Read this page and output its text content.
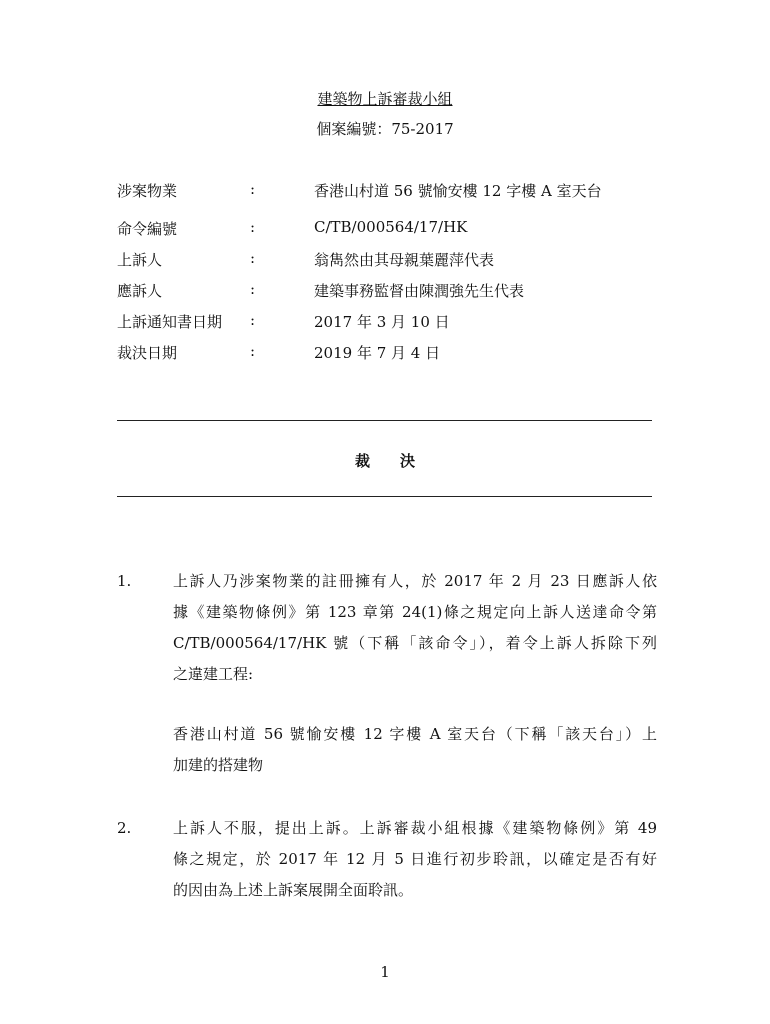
建築物上訴審裁小組
個案編號：75-2017
涉案物業	:	香港山村道 56 號愉安樓 12 字樓 A 室天台
命令編號	:	C/TB/000564/17/HK
上訴人	:	翁雋然由其母親葉麗萍代表
應訴人	:	建築事務監督由陳潤強先生代表
上訴通知書日期 :	2017 年 3 月 10 日
裁決日期	:	2019 年 7 月 4 日
裁決
1.	上訴人乃涉案物業的註冊擁有人，於 2017 年 2 月 23 日應訴人依
據《建築物條例》第 123 章第 24(1)條之規定向上訴人送達命令第
C/TB/000564/17/HK 號（下稱「該命令」），着令上訴人拆除下列
之違建工程:
香港山村道 56 號愉安樓 12 字樓 A 室天台（下稱「該天台」）上
加建的搭建物
2.	上訴人不服，提出上訴。上訴審裁小組根據《建築物條例》第 49
條之規定，於 2017 年 12 月 5 日進行初步聆訊，以確定是否有好
的因由為上述上訴案展開全面聆訊。
1
